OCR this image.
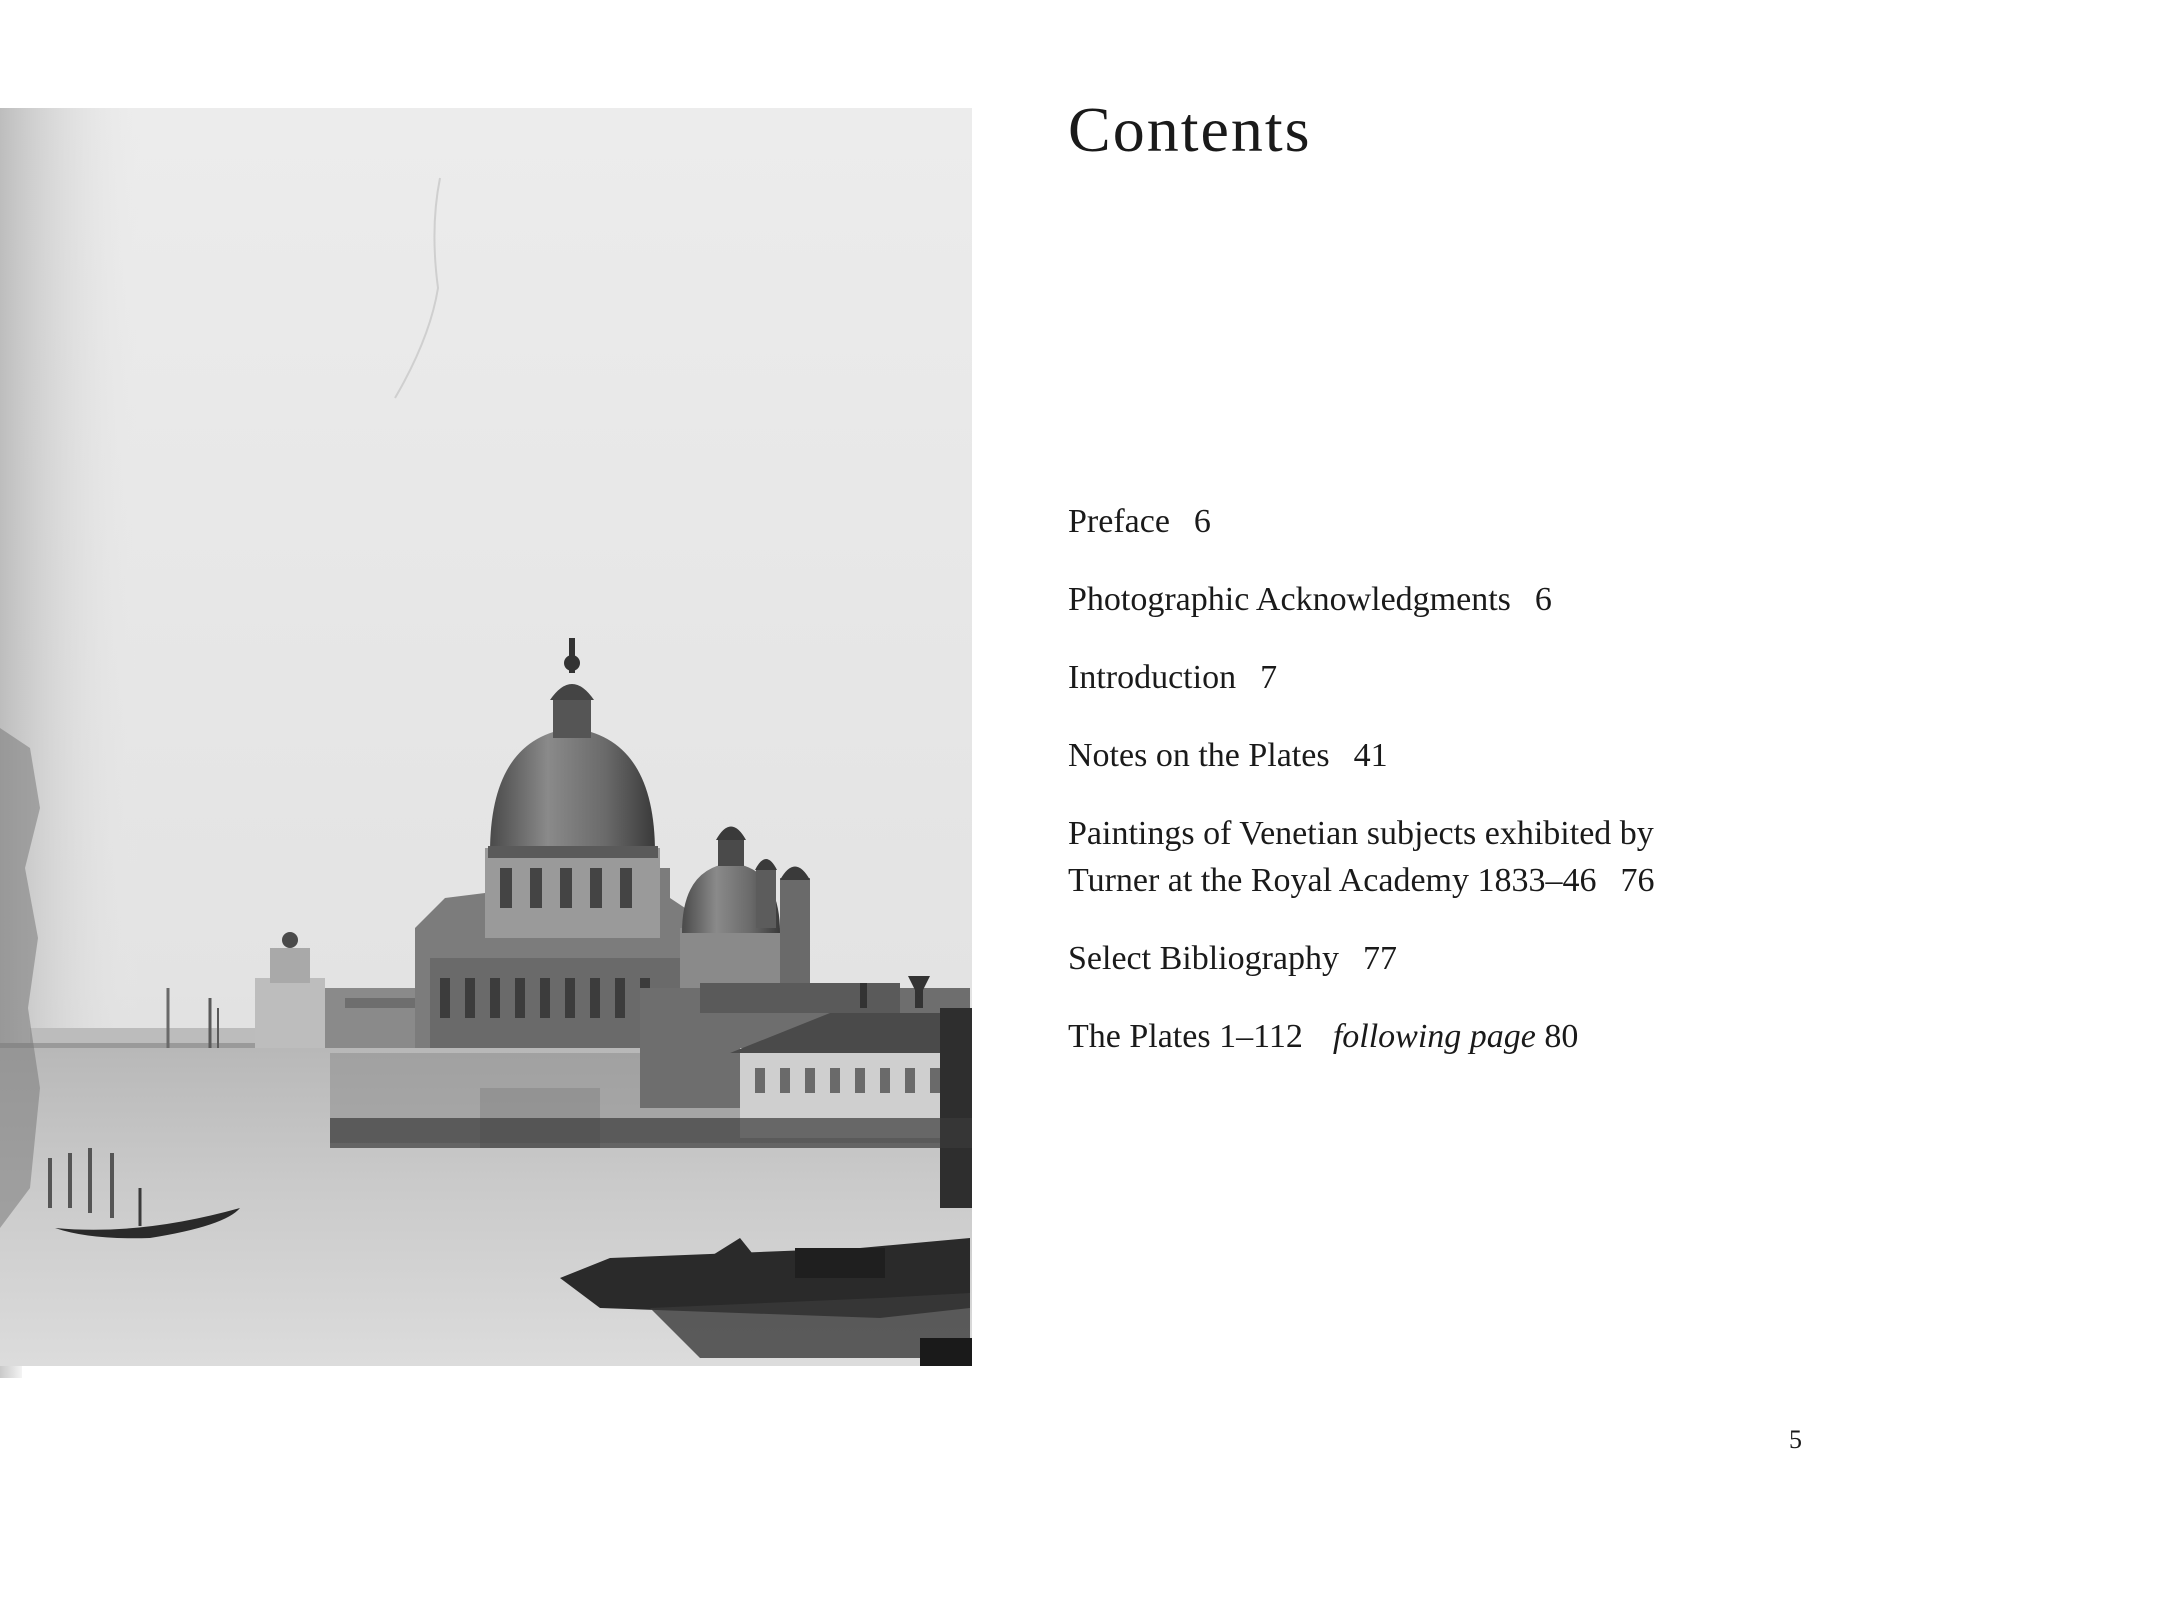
Contents
Preface 6
Photographic Acknowledgments 6
Introduction 7
Notes on the Plates 41
Paintings of Venetian subjects exhibited by
Turner at the Royal Academy 1833–46 76
Select Bibliography 77
The Plates 1–112 following page 80
5
